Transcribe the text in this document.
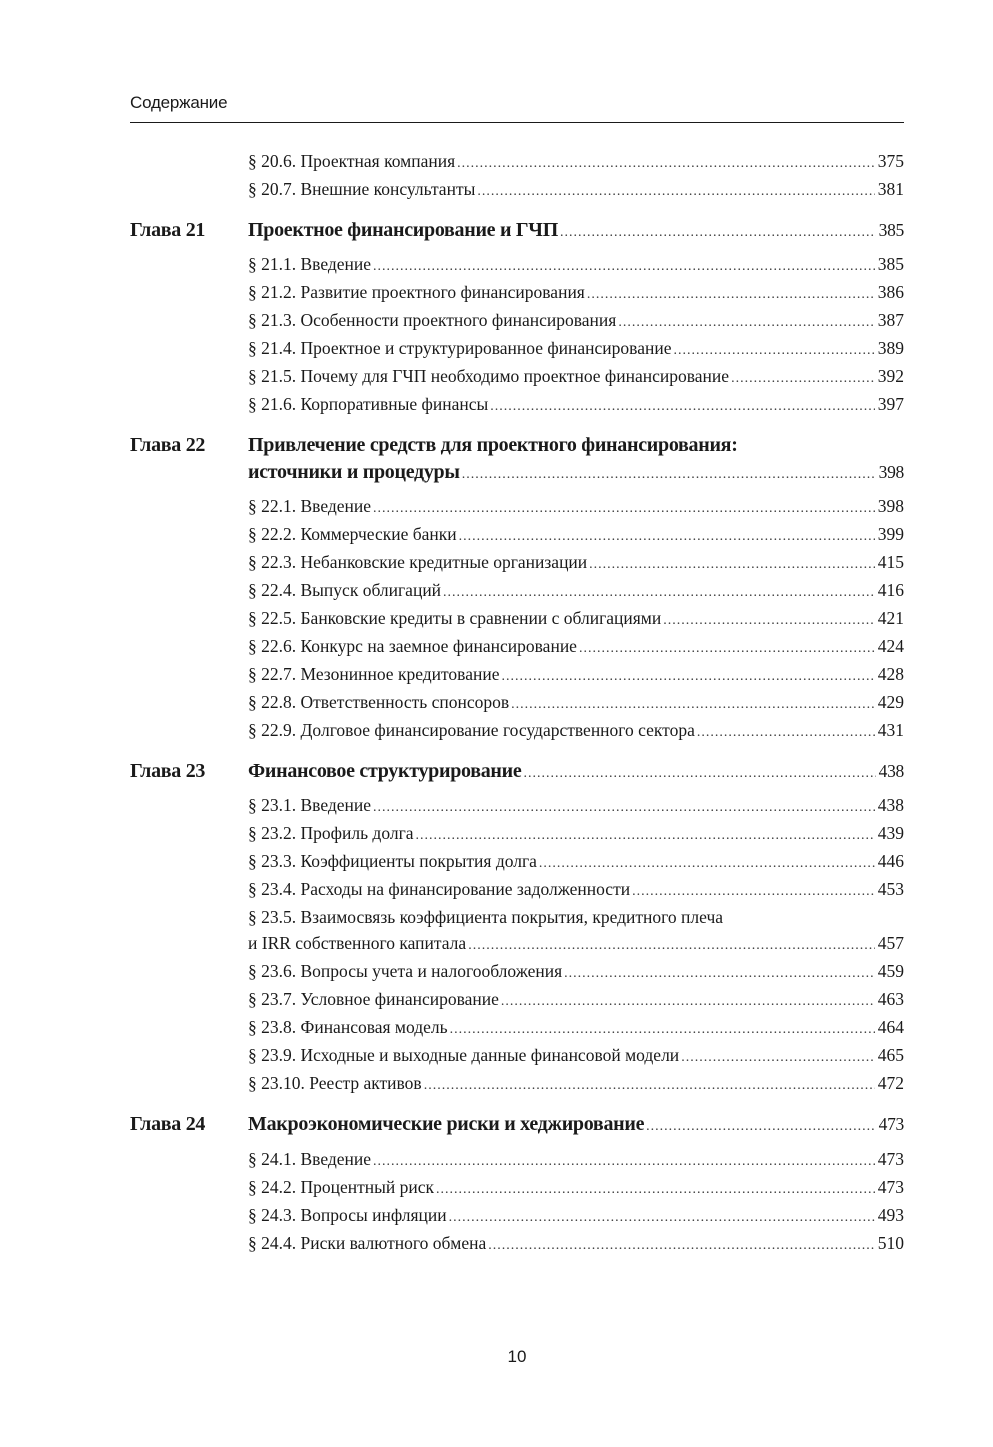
Содержание
§ 20.6. Проектная компания .....	375
§ 20.7. Внешние консультанты .....	381
Глава 21 Проектное финансирование и ГЧП .....	385
§ 21.1. Введение .....	385
§ 21.2. Развитие проектного финансирования .....	386
§ 21.3. Особенности проектного финансирования .....	387
§ 21.4. Проектное и структурированное финансирование .....	389
§ 21.5. Почему для ГЧП необходимо проектное финансирование .....	392
§ 21.6. Корпоративные финансы .....	397
Глава 22 Привлечение средств для проектного финансирования:
источники и процедуры .....	398
§ 22.1. Введение .....	398
§ 22.2. Коммерческие банки .....	399
§ 22.3. Небанковские кредитные организации .....	415
§ 22.4. Выпуск облигаций .....	416
§ 22.5. Банковские кредиты в сравнении с облигациями .....	421
§ 22.6. Конкурс на заемное финансирование .....	424
§ 22.7. Мезонинное кредитование .....	428
§ 22.8. Ответственность спонсоров .....	429
§ 22.9. Долговое финансирование государственного сектора .....	431
Глава 23 Финансовое структурирование .....	438
§ 23.1. Введение .....	438
§ 23.2. Профиль долга .....	439
§ 23.3. Коэффициенты покрытия долга .....	446
§ 23.4. Расходы на финансирование задолженности .....	453
§ 23.5. Взаимосвязь коэффициента покрытия, кредитного плеча
и IRR собственного капитала .....	457
§ 23.6. Вопросы учета и налогообложения .....	459
§ 23.7. Условное финансирование .....	463
§ 23.8. Финансовая модель .....	464
§ 23.9. Исходные и выходные данные финансовой модели .....	465
§ 23.10. Реестр активов .....	472
Глава 24 Макроэкономические риски и хеджирование .....	473
§ 24.1. Введение .....	473
§ 24.2. Процентный риск .....	473
§ 24.3. Вопросы инфляции .....	493
§ 24.4. Риски валютного обмена .....	510
10
